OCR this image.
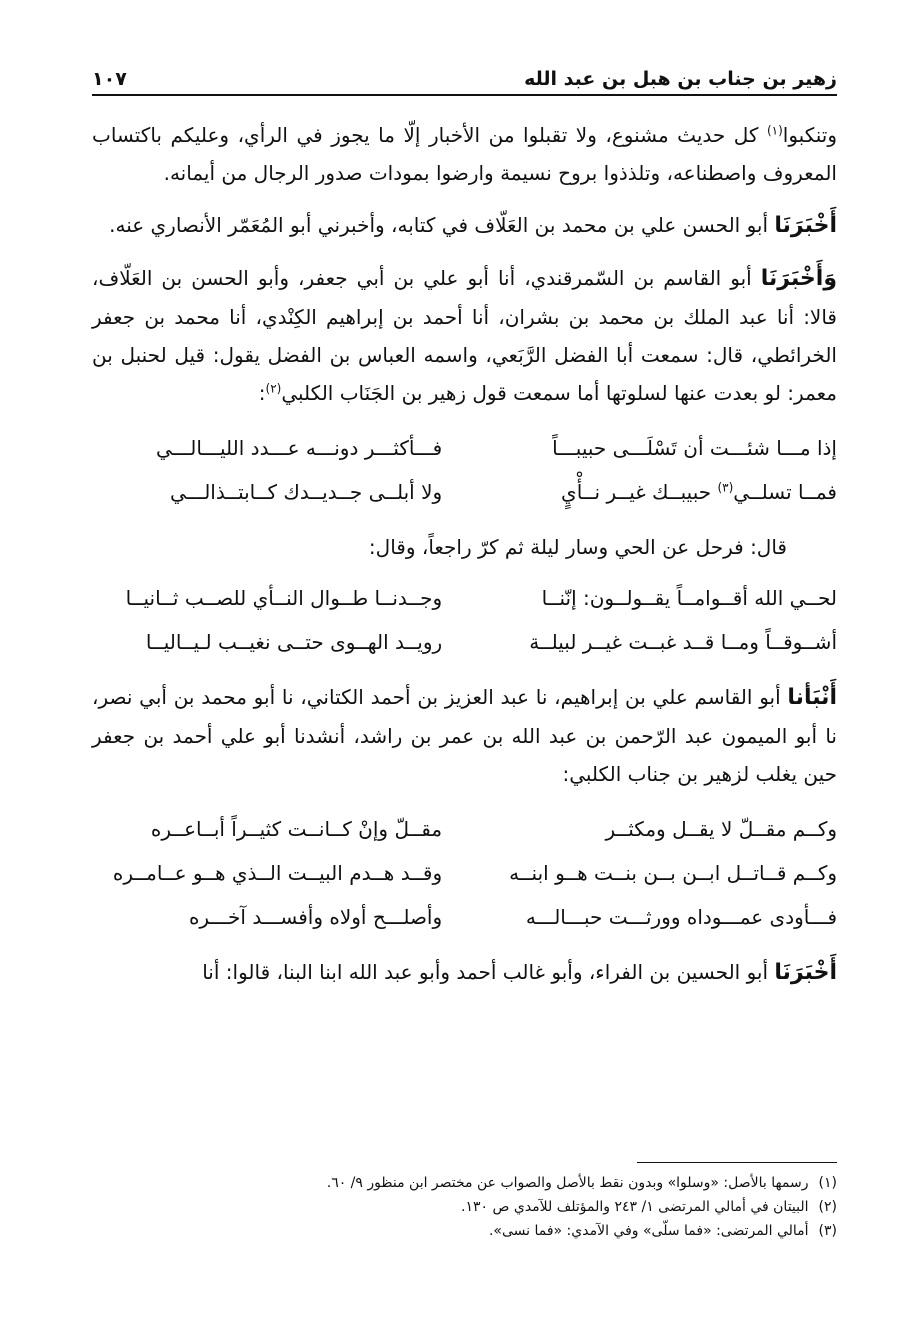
زهير بن جناب بن هبل بن عبد الله
١٠٧

وتنكبوا$^{(١)}$ كل حديث مشنوع، ولا تقبلوا من الأخبار إلّا ما يجوز في الرأي، وعليكم باكتساب المعروف واصطناعه، وتلذذوا بروح نسيمة وارضوا بمودات صدور الرجال من أيمانه.

أَخْبَرَنَا أبو الحسن علي بن محمد بن العَلّاف في كتابه، وأخبرني أبو المُعَمّر الأنصاري عنه.

وَأَخْبَرَنَا أبو القاسم بن السّمرقندي، أنا أبو علي بن أبي جعفر، وأبو الحسن بن العَلّاف، قالا: أنا عبد الملك بن محمد بن بشران، أنا أحمد بن إبراهيم الكِنْدي، أنا محمد بن جعفر الخرائطي، قال: سمعت أبا الفضل الرَّبَعي، واسمه العباس بن الفضل يقول: قيل لحنبل بن معمر: لو بعدت عنها لسلوتها أما سمعت قول زهير بن الجَنَاب الكلبي$^{(٢)}$:

إذا مـــا شئـــت أن تَسْلَـــى حبيبـــاً
فـــأكثـــر دونـــه عـــدد الليـــالـــي
فمــا تسلــي$^{(٣)}$ حبيبــك غيــر نــأْيٍ
ولا أبلــى جــديــدك كــابتــذالـــي

قال: فرحل عن الحي وسار ليلة ثم كرّ راجعاً، وقال:

لحــي الله أقــوامــاً يقــولــون: إنّنــا
وجــدنــا طــوال النــأي للصــب ثــانيــا
أشــوقــاً ومــا قــد غبــت غيــر لبيلــة
رويــد الهــوى حتــى نغيــب لـيــاليــا

أَنْبَأنا أبو القاسم علي بن إبراهيم، نا عبد العزيز بن أحمد الكتاني، نا أبو محمد بن أبي نصر، نا أبو الميمون عبد الرّحمن بن عبد الله بن عمر بن راشد، أنشدنا أبو علي أحمد بن جعفر حين يغلب لزهير بن جناب الكلبي:

وكــم مقــلّ لا يقــل ومكثــر
مقــلّ وإنْ كــانــت كثيــراً أبــاعــره
وكــم قــاتــل ابــن بــن بنــت هــو ابنــه
وقــد هــدم البيــت الــذي هــو عــامــره
فـــأودى عمـــوداه وورثـــت حبـــالـــه
وأصلـــح أولاه وأفســـد آخـــره

أَخْبَرَنَا أبو الحسين بن الفراء، وأبو غالب أحمد وأبو عبد الله ابنا البنا، قالوا: أنا

(١)
رسمها بالأصل: «وسلوا» وبدون نقط بالأصل والصواب عن مختصر ابن منظور ٩/ ٦٠.
(٢)
البيتان في أمالي المرتضى ١/ ٢٤٣ والمؤتلف للآمدي ص ١٣٠.
(٣)
أمالي المرتضى: «فما سلّى» وفي الآمدي: «فما نسى».
